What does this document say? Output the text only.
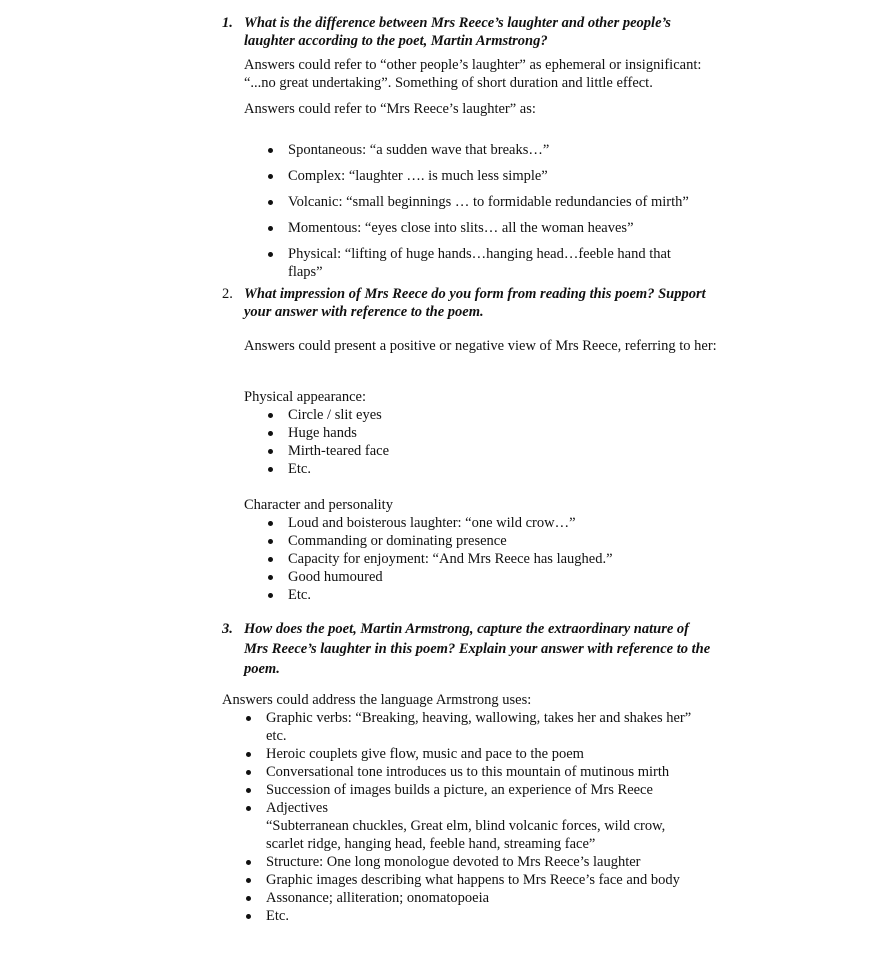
1. What is the difference between Mrs Reece’s laughter and other people’s laughter according to the poet, Martin Armstrong?

Answers could refer to “other people’s laughter” as ephemeral or insignificant: “...no great undertaking”. Something of short duration and little effect.

Answers could refer to “Mrs Reece’s laughter” as:

Spontaneous: “a sudden wave that breaks…”
Complex: “laughter …. is much less simple”
Volcanic: “small beginnings … to formidable redundancies of mirth”
Momentous: “eyes close into slits… all the woman heaves”
Physical: “lifting of huge hands…hanging head…feeble hand that flaps”
2. What impression of Mrs Reece do you form from reading this poem? Support your answer with reference to the poem.

Answers could present a positive or negative view of Mrs Reece, referring to her:

Physical appearance:

Circle / slit eyes
Huge hands
Mirth-teared face
Etc.

Character and personality

Loud and boisterous laughter: “one wild crow…”
Commanding or dominating presence
Capacity for enjoyment: “And Mrs Reece has laughed.”
Good humoured
Etc.
3. How does the poet, Martin Armstrong, capture the extraordinary nature of Mrs Reece’s laughter in this poem? Explain your answer with reference to the poem.

Answers could address the language Armstrong uses:

Graphic verbs: “Breaking, heaving, wallowing, takes her and shakes her” etc.
Heroic couplets give flow, music and pace to the poem
Conversational tone introduces us to this mountain of mutinous mirth
Succession of images builds a picture, an experience of Mrs Reece
Adjectives

“Subterranean chuckles, Great elm, blind volcanic forces, wild crow, scarlet ridge, hanging head, feeble hand, streaming face”

Structure: One long monologue devoted to Mrs Reece’s laughter
Graphic images describing what happens to Mrs Reece’s face and body
Assonance; alliteration; onomatopoeia
Etc.
